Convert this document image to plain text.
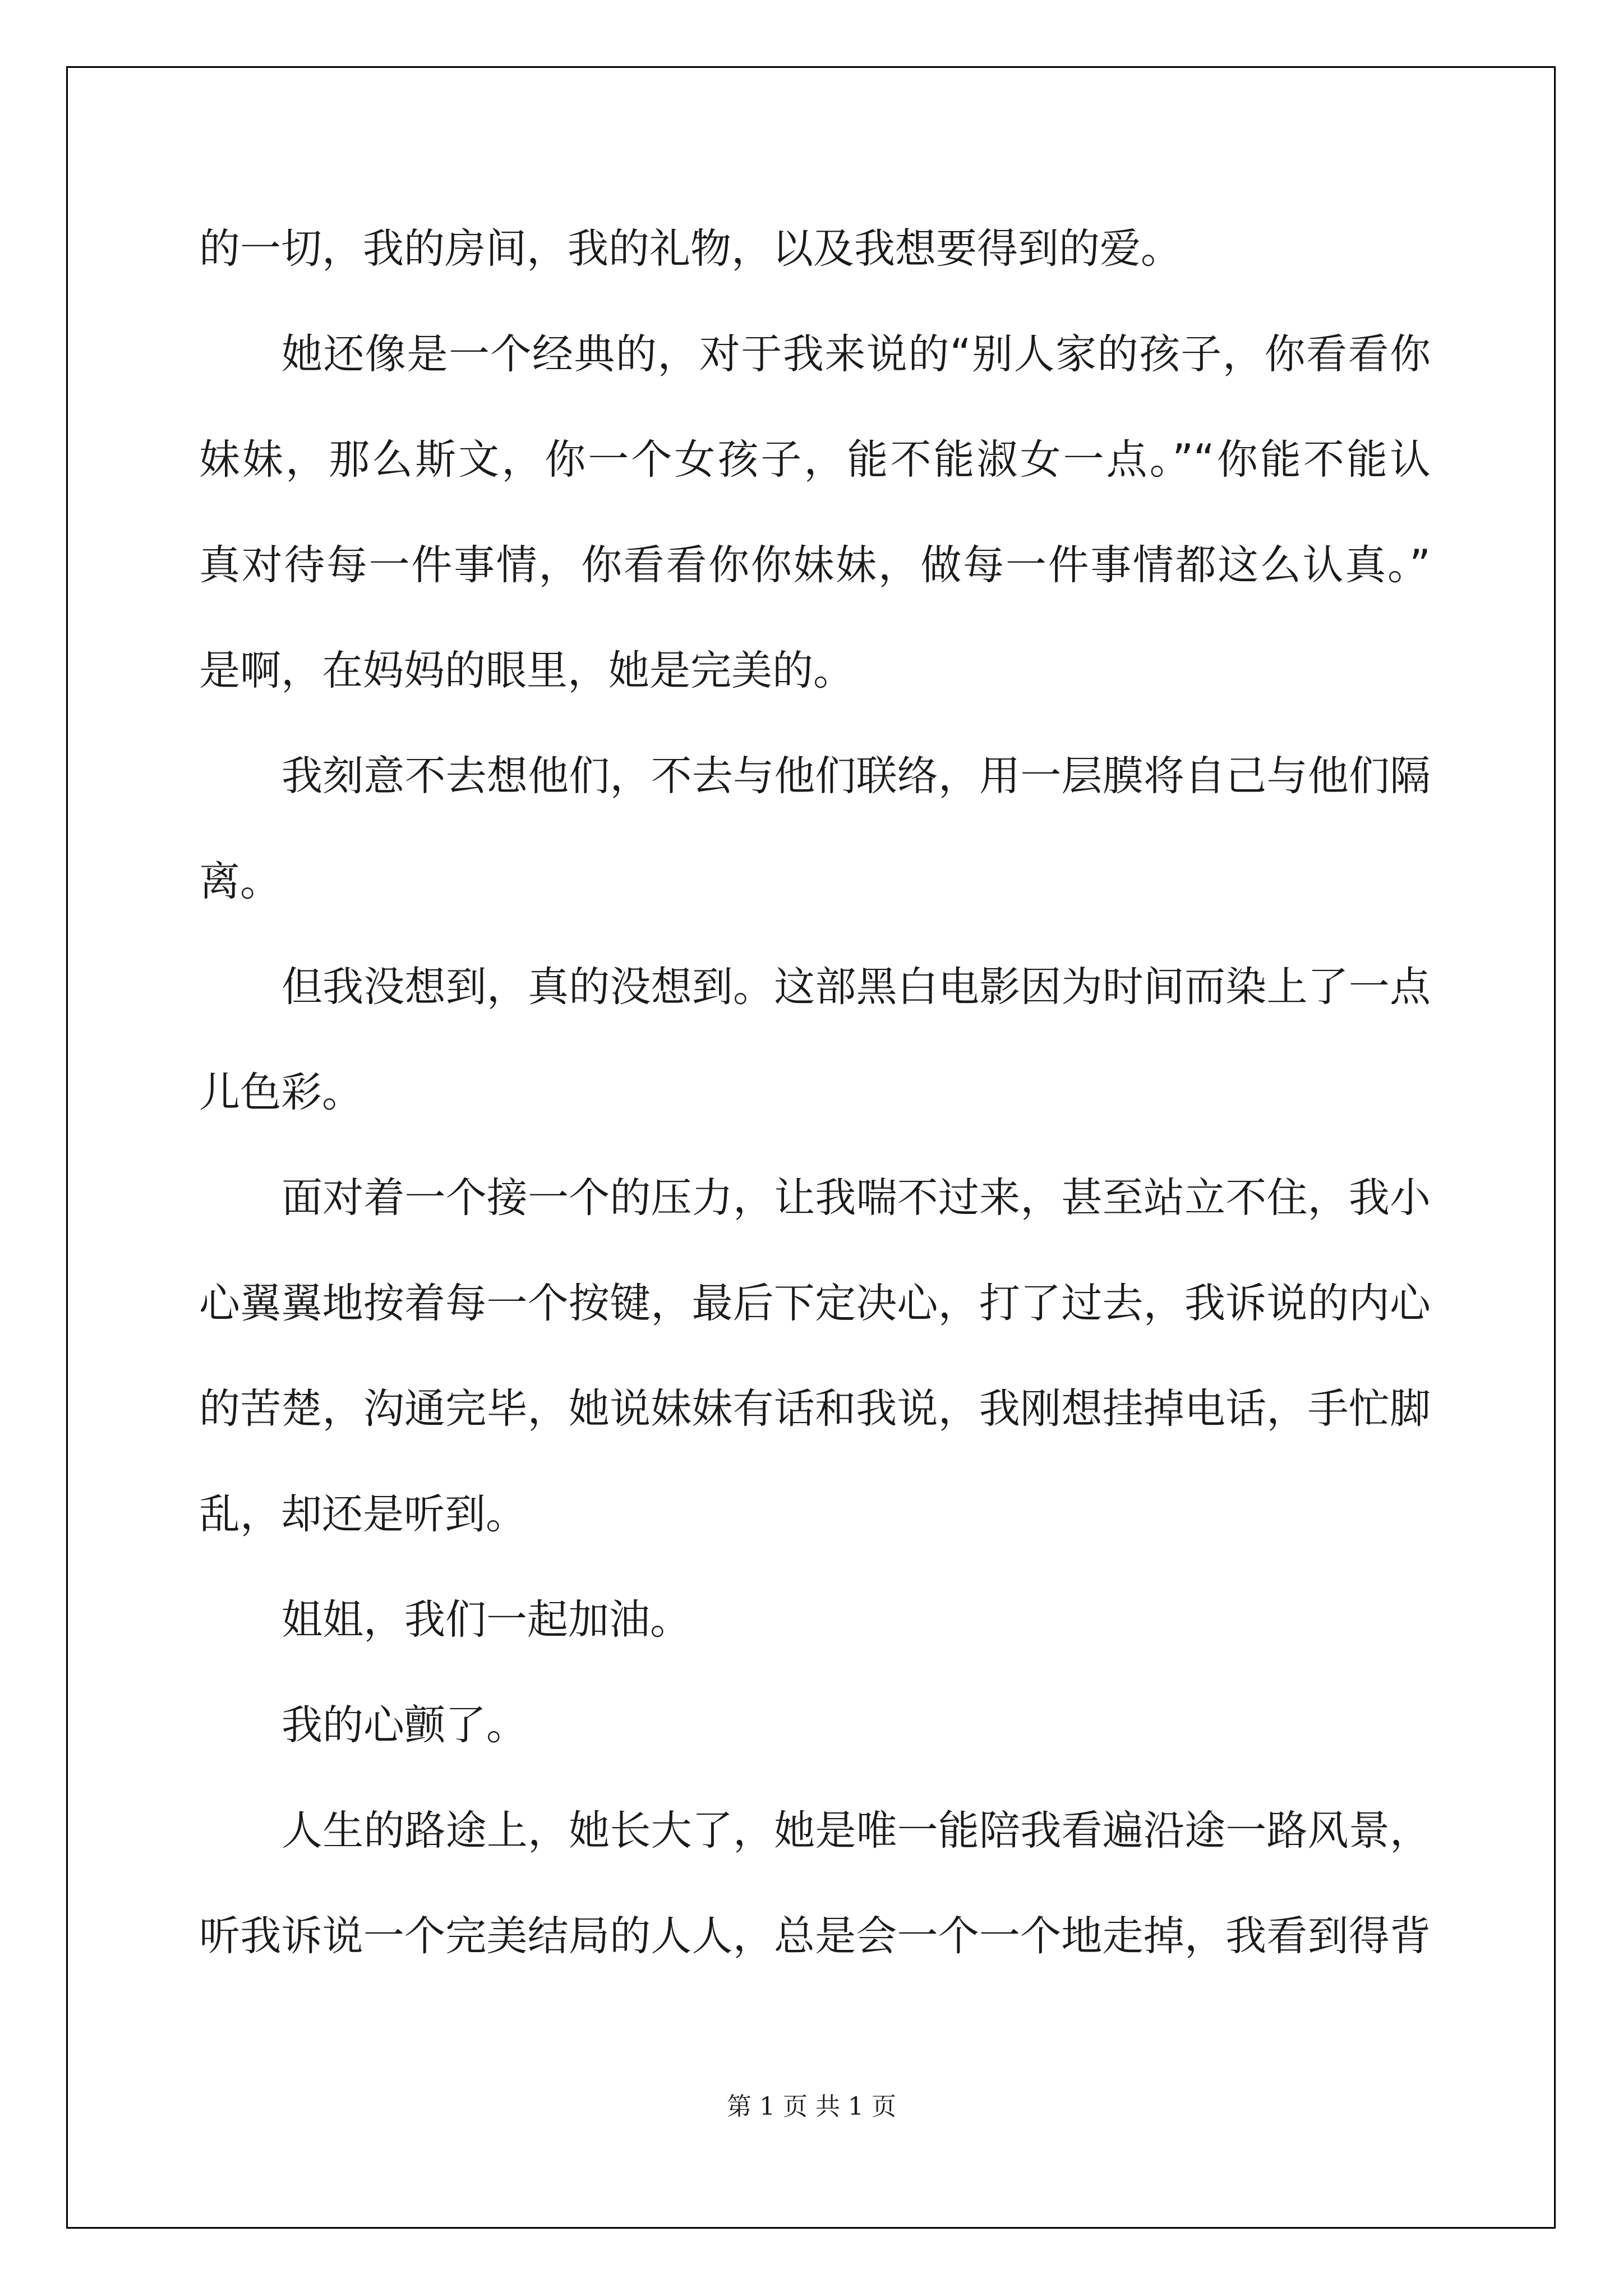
的一切，我的房间，我的礼物，以及我想要得到的爱。
她还像是一个经典的，对于我来说的“别人家的孩子，你看看你
妹妹，那么斯文，你一个女孩子，能不能淑女一点。”“你能不能认
真对待每一件事情，你看看你你妹妹，做每一件事情都这么认真。”
是啊，在妈妈的眼里，她是完美的。
我刻意不去想他们，不去与他们联络，用一层膜将自己与他们隔
离。
但我没想到，真的没想到。这部黑白电影因为时间而染上了一点
儿色彩。
面对着一个接一个的压力，让我喘不过来，甚至站立不住，我小
心翼翼地按着每一个按键，最后下定决心，打了过去，我诉说的内心
的苦楚，沟通完毕，她说妹妹有话和我说，我刚想挂掉电话，手忙脚
乱，却还是听到。
姐姐，我们一起加油。
我的心颤了。
人生的路途上，她长大了，她是唯一能陪我看遍沿途一路风景，
听我诉说一个完美结局的人人，总是会一个一个地走掉，我看到得背
第 1 页 共 1 页
